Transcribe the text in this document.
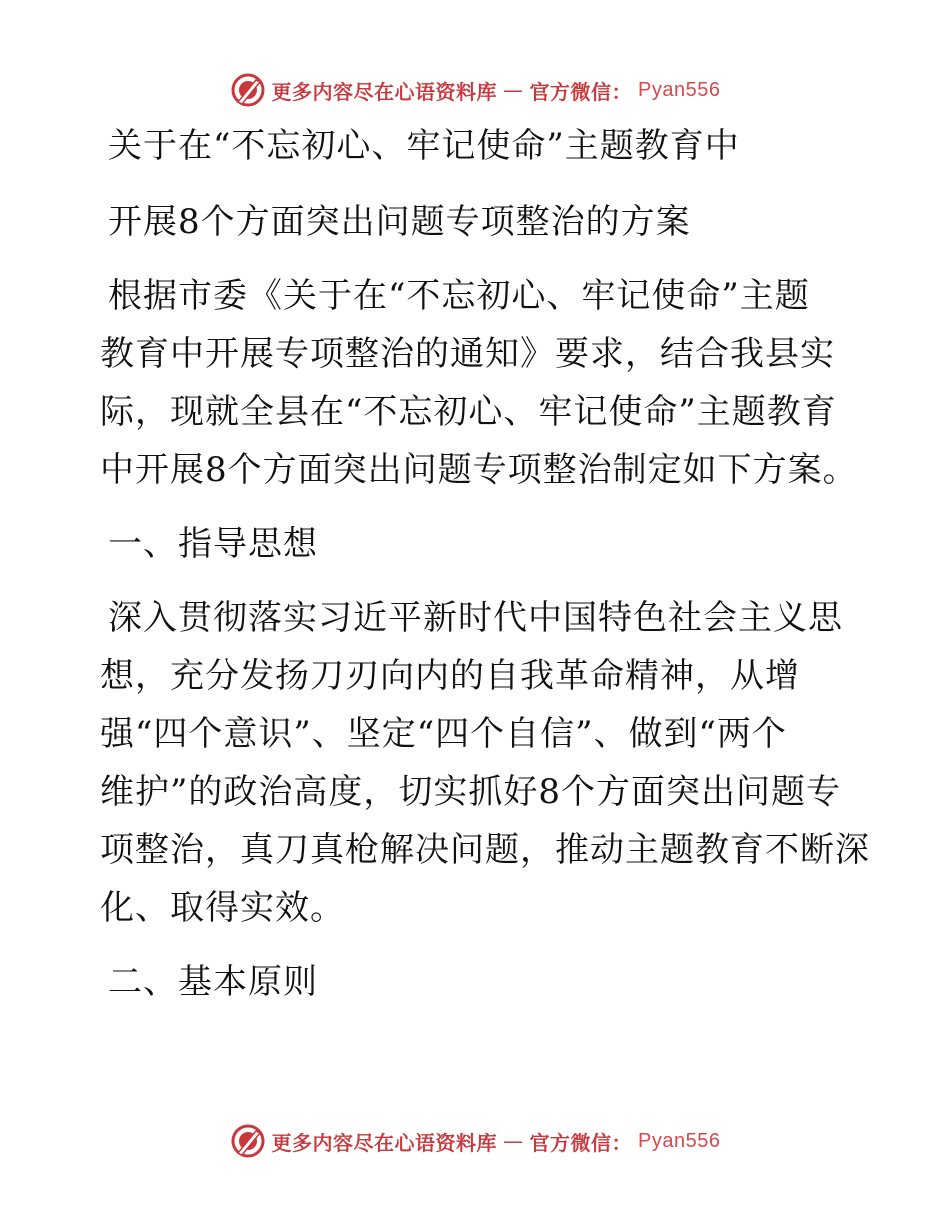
更多内容尽在心语资料库 — 官方微信： Pyan556
关于在“不忘初心、牢记使命”主题教育中
开展8个方面突出问题专项整治的方案
根据市委《关于在“不忘初心、牢记使命”主题
教育中开展专项整治的通知》要求，结合我县实
际，现就全县在“不忘初心、牢记使命”主题教育
中开展8个方面突出问题专项整治制定如下方案。
一、指导思想
深入贯彻落实习近平新时代中国特色社会主义思
想，充分发扬刀刃向内的自我革命精神，从增
强“四个意识”、坚定“四个自信”、做到“两个
维护”的政治高度，切实抓好8个方面突出问题专
项整治，真刀真枪解决问题，推动主题教育不断深
化、取得实效。
二、基本原则
更多内容尽在心语资料库 — 官方微信： Pyan556
